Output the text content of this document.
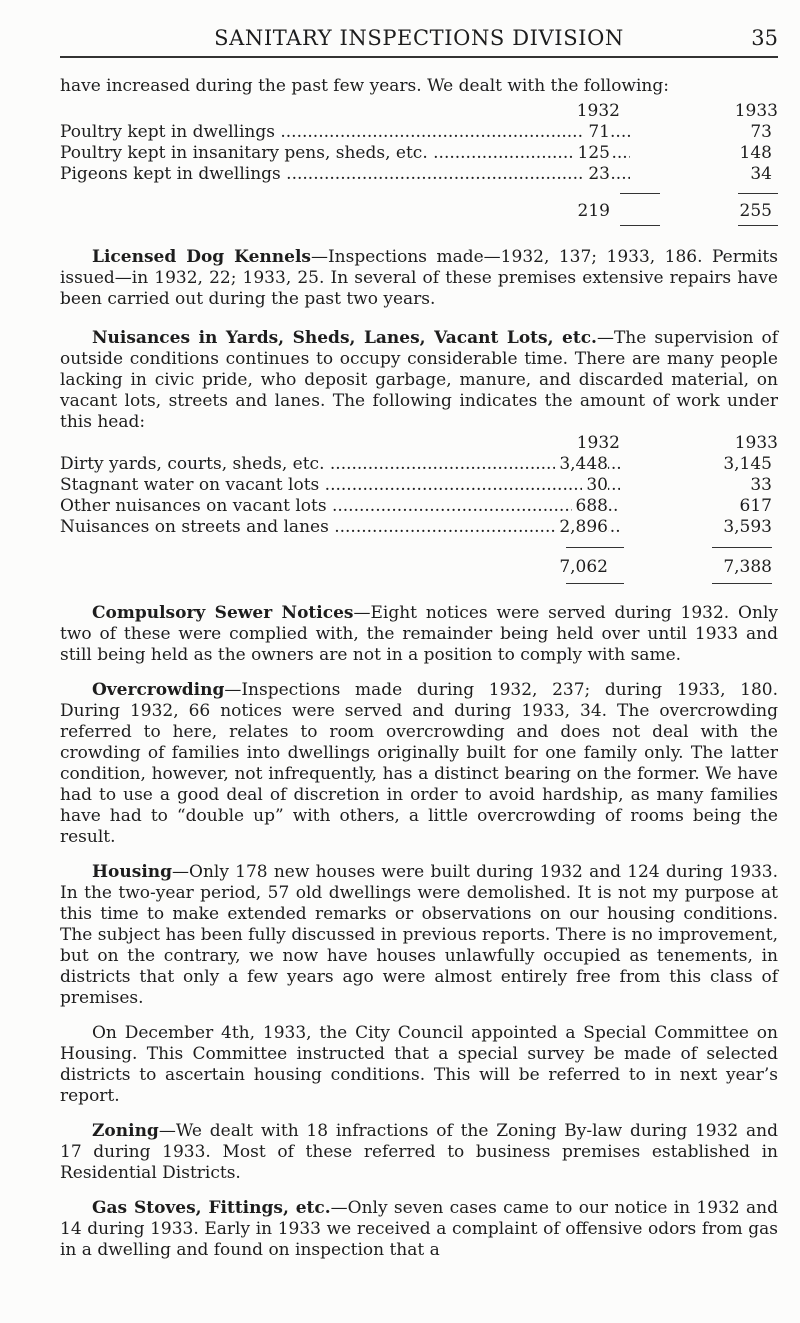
SANITARY INSPECTIONS DIVISION	35

have increased during the past few years. We dealt with the following:

1932	1933
Poultry kept in dwellings .....	71	73
Poultry kept in insanitary pens, sheds, etc. .....	125	148
Pigeons kept in dwellings .....	23	34
219	255

Licensed Dog Kennels—Inspections made—1932, 137; 1933, 186. Permits issued—in 1932, 22; 1933, 25. In several of these premises extensive repairs have been carried out during the past two years.

Nuisances in Yards, Sheds, Lanes, Vacant Lots, etc.—The supervision of outside conditions continues to occupy considerable time. There are many people lacking in civic pride, who deposit garbage, manure, and discarded material, on vacant lots, streets and lanes. The following indicates the amount of work under this head:

1932	1933
Dirty yards, courts, sheds, etc. .....	3,448	3,145
Stagnant water on vacant lots .....	30	33
Other nuisances on vacant lots .....	688	617
Nuisances on streets and lanes .....	2,896	3,593
7,062	7,388

Compulsory Sewer Notices—Eight notices were served during 1932. Only two of these were complied with, the remainder being held over until 1933 and still being held as the owners are not in a position to comply with same.

Overcrowding—Inspections made during 1932, 237; during 1933, 180. During 1932, 66 notices were served and during 1933, 34. The overcrowding referred to here, relates to room overcrowding and does not deal with the crowding of families into dwellings originally built for one family only. The latter condition, however, not infrequently, has a distinct bearing on the former. We have had to use a good deal of discretion in order to avoid hardship, as many families have had to “double up” with others, a little overcrowding of rooms being the result.

Housing—Only 178 new houses were built during 1932 and 124 during 1933. In the two-year period, 57 old dwellings were demolished. It is not my purpose at this time to make extended remarks or observations on our housing conditions. The subject has been fully discussed in previous reports. There is no improvement, but on the contrary, we now have houses unlawfully occupied as tenements, in districts that only a few years ago were almost entirely free from this class of premises.

On December 4th, 1933, the City Council appointed a Special Committee on Housing. This Committee instructed that a special survey be made of selected districts to ascertain housing conditions. This will be referred to in next year’s report.

Zoning—We dealt with 18 infractions of the Zoning By-law during 1932 and 17 during 1933. Most of these referred to business premises established in Residential Districts.

Gas Stoves, Fittings, etc.—Only seven cases came to our notice in 1932 and 14 during 1933. Early in 1933 we received a complaint of offensive odors from gas in a dwelling and found on inspection that a
